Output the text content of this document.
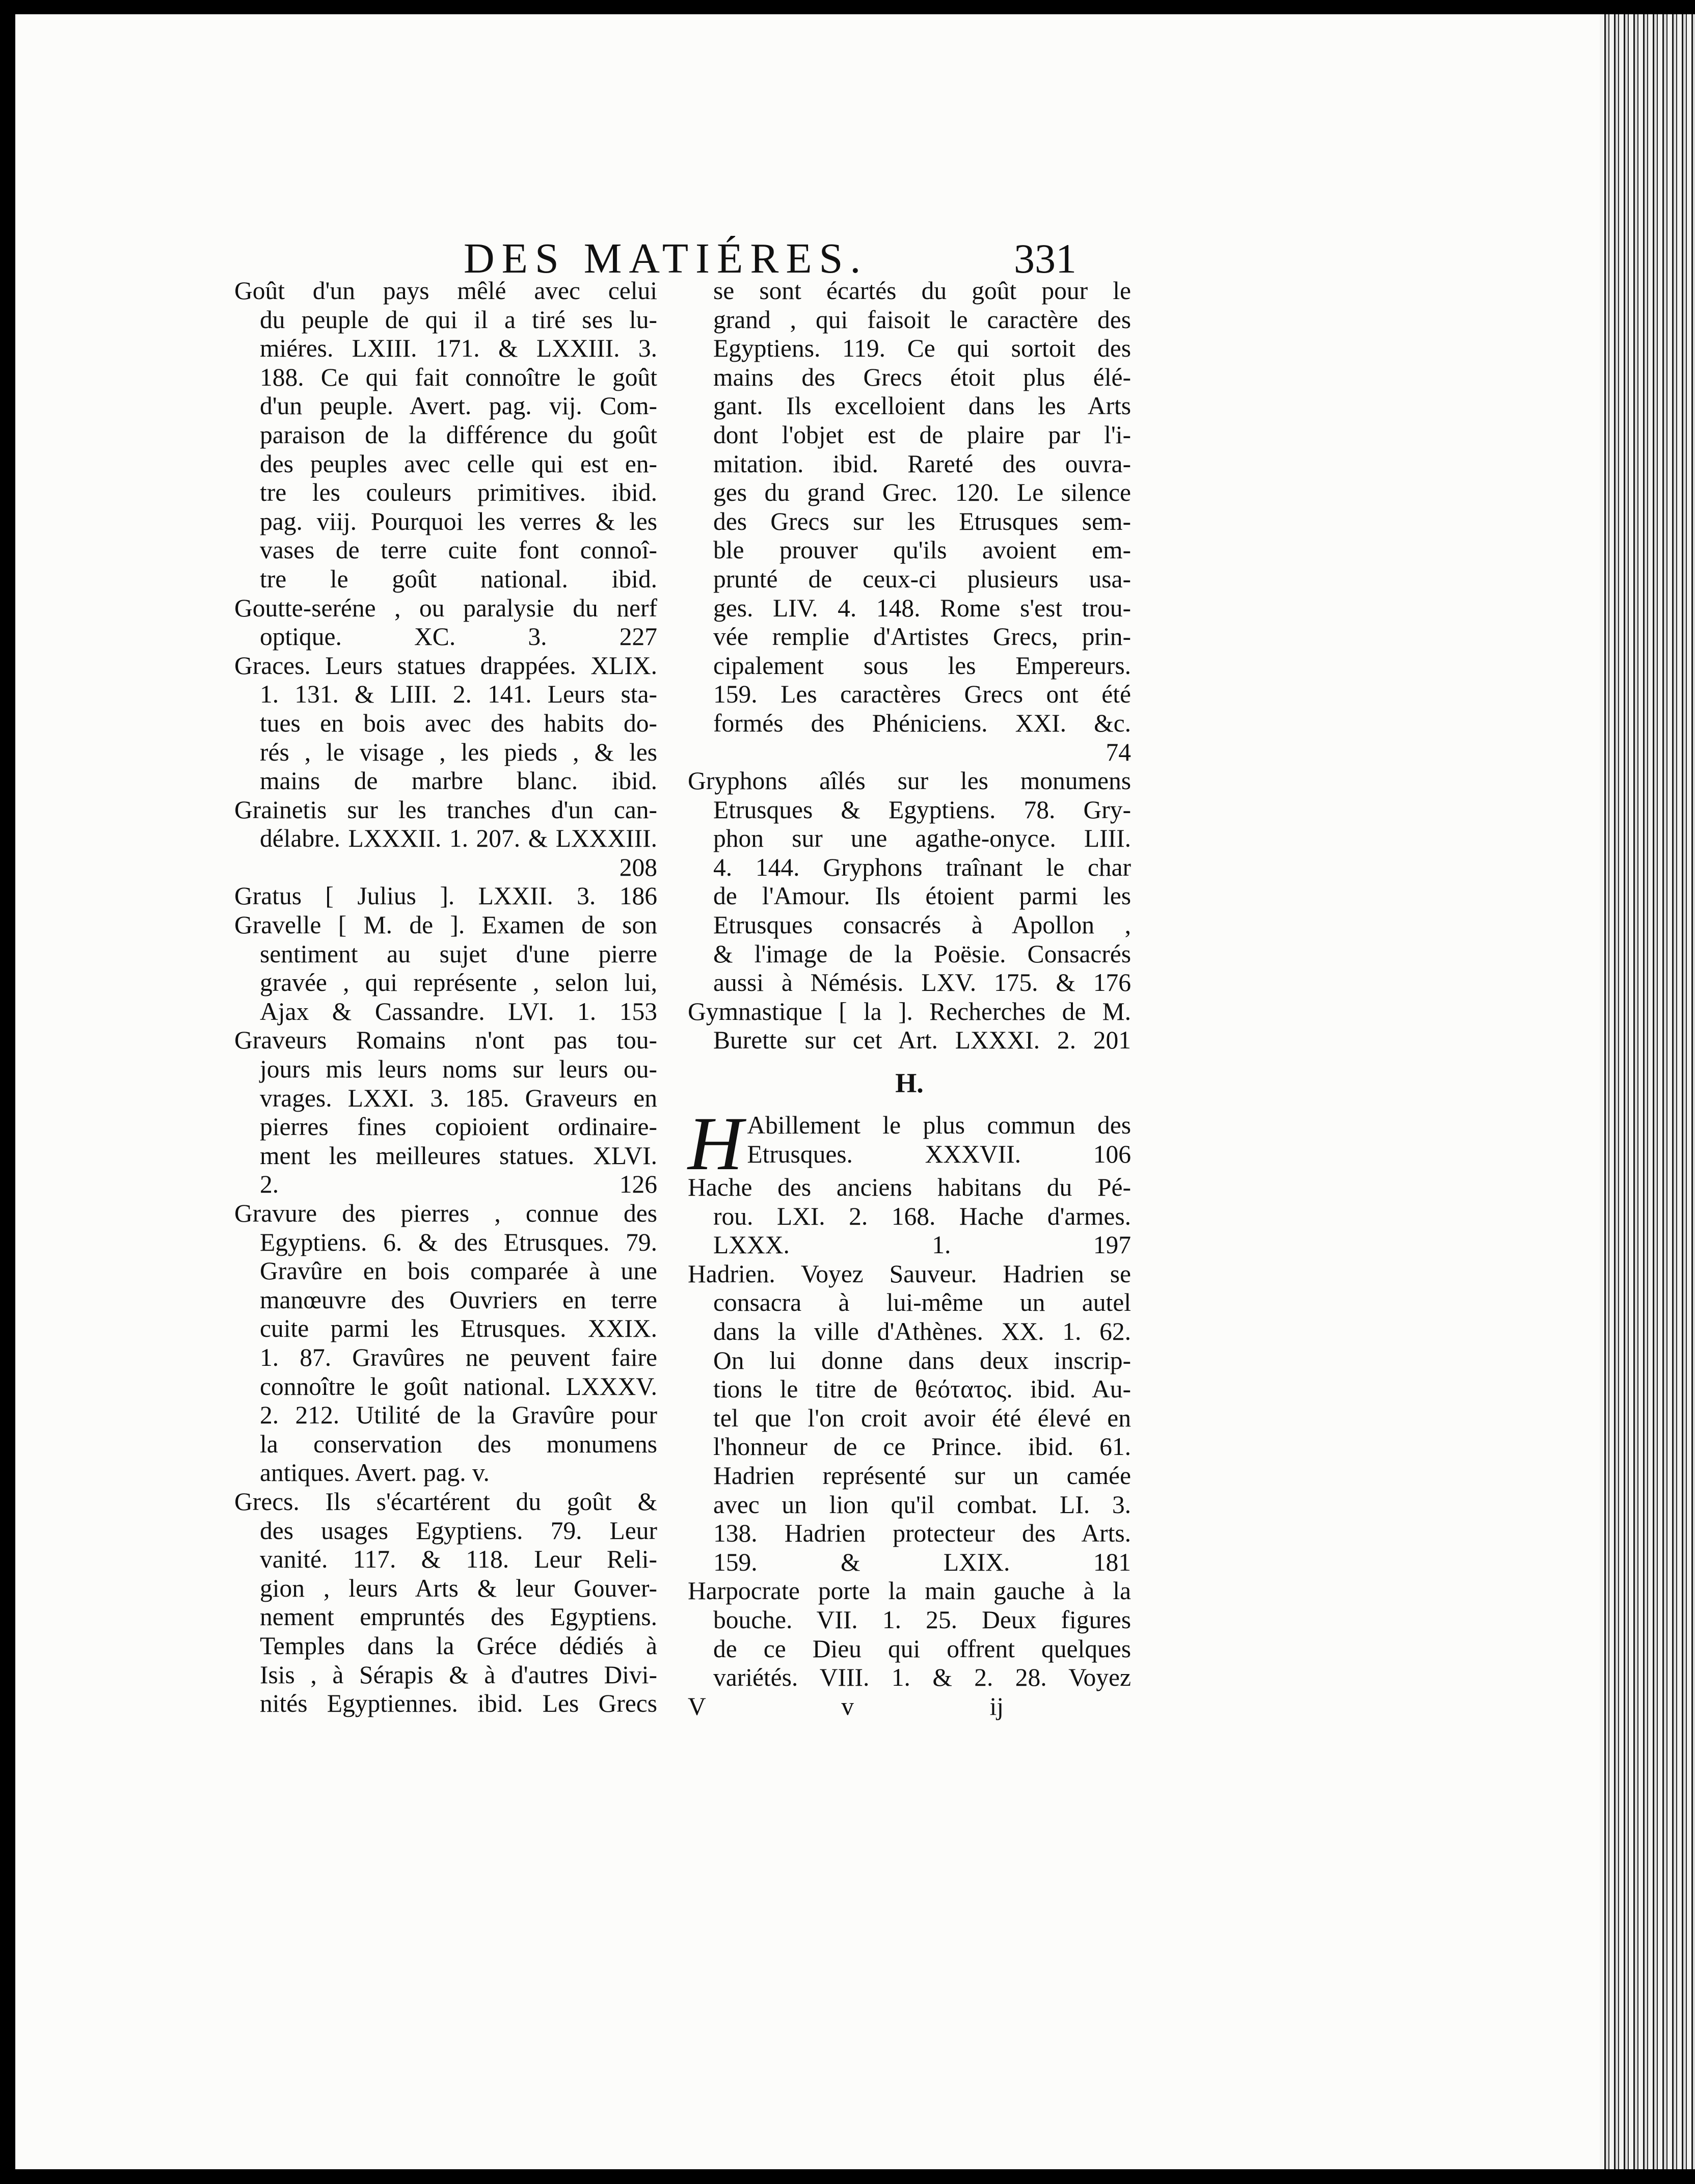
DES MATIÉRES.	331
Goût d'un pays mêlé avec celui
du peuple de qui il a tiré ses lu-
miéres. LXIII. 171. & LXXIII. 3.
188. Ce qui fait connoître le goût
d'un peuple. Avert. pag. vij. Com-
paraison de la différence du goût
des peuples avec celle qui est en-
tre les couleurs primitives. ibid.
pag. viij. Pourquoi les verres & les
vases de terre cuite font connoî-
tre le goût national. ibid.
Goutte-seréne , ou paralysie du nerf
optique. XC. 3. 227
Graces. Leurs statues drappées. XLIX.
1. 131. & LIII. 2. 141. Leurs sta-
tues en bois avec des habits do-
rés , le visage , les pieds , & les
mains de marbre blanc. ibid.
Grainetis sur les tranches d'un can-
délabre. LXXXII. 1. 207. & LXXXIII.
208
Gratus [ Julius ]. LXXII. 3. 186
Gravelle [ M. de ]. Examen de son
sentiment au sujet d'une pierre
gravée , qui représente , selon lui,
Ajax & Cassandre. LVI. 1. 153
Graveurs Romains n'ont pas tou-
jours mis leurs noms sur leurs ou-
vrages. LXXI. 3. 185. Graveurs en
pierres fines copioient ordinaire-
ment les meilleures statues. XLVI.
2. 126
Gravure des pierres , connue des
Egyptiens. 6. & des Etrusques. 79.
Gravûre en bois comparée à une
manœuvre des Ouvriers en terre
cuite parmi les Etrusques. XXIX.
1. 87. Gravûres ne peuvent faire
connoître le goût national. LXXXV.
2. 212. Utilité de la Gravûre pour
la conservation des monumens
antiques. Avert. pag. v.
Grecs. Ils s'écartérent du goût &
des usages Egyptiens. 79. Leur
vanité. 117. & 118. Leur Reli-
gion , leurs Arts & leur Gouver-
nement empruntés des Egyptiens.
Temples dans la Gréce dédiés à
Isis , à Sérapis & à d'autres Divi-
nités Egyptiennes. ibid. Les Grecs
se sont écartés du goût pour le
grand , qui faisoit le caractère des
Egyptiens. 119. Ce qui sortoit des
mains des Grecs étoit plus élé-
gant. Ils excelloient dans les Arts
dont l'objet est de plaire par l'i-
mitation. ibid. Rareté des ouvra-
ges du grand Grec. 120. Le silence
des Grecs sur les Etrusques sem-
ble prouver qu'ils avoient em-
prunté de ceux-ci plusieurs usa-
ges. LIV. 4. 148. Rome s'est trou-
vée remplie d'Artistes Grecs, prin-
cipalement sous les Empereurs.
159. Les caractères Grecs ont été
formés des Phéniciens. XXI. &c.
74
Gryphons aîlés sur les monumens
Etrusques & Egyptiens. 78. Gry-
phon sur une agathe-onyce. LIII.
4. 144. Gryphons traînant le char
de l'Amour. Ils étoient parmi les
Etrusques consacrés à Apollon ,
& l'image de la Poësie. Consacrés
aussi à Némésis. LXV. 175. & 176
Gymnastique [ la ]. Recherches de M.
Burette sur cet Art. LXXXI. 2. 201
H.
H Abillement le plus commun des
Etrusques. XXXVII. 106
Hache des anciens habitans du Pé-
rou. LXI. 2. 168. Hache d'armes.
LXXX. 1. 197
Hadrien. Voyez Sauveur. Hadrien se
consacra à lui-même un autel
dans la ville d'Athènes. XX. 1. 62.
On lui donne dans deux inscrip-
tions le titre de θεότατος. ibid. Au-
tel que l'on croit avoir été élevé en
l'honneur de ce Prince. ibid. 61.
Hadrien représenté sur un camée
avec un lion qu'il combat. LI. 3.
138. Hadrien protecteur des Arts.
159. & LXIX. 181
Harpocrate porte la main gauche à la
bouche. VII. 1. 25. Deux figures
de ce Dieu qui offrent quelques
variétés. VIII. 1. & 2. 28. Voyez
V v ij
